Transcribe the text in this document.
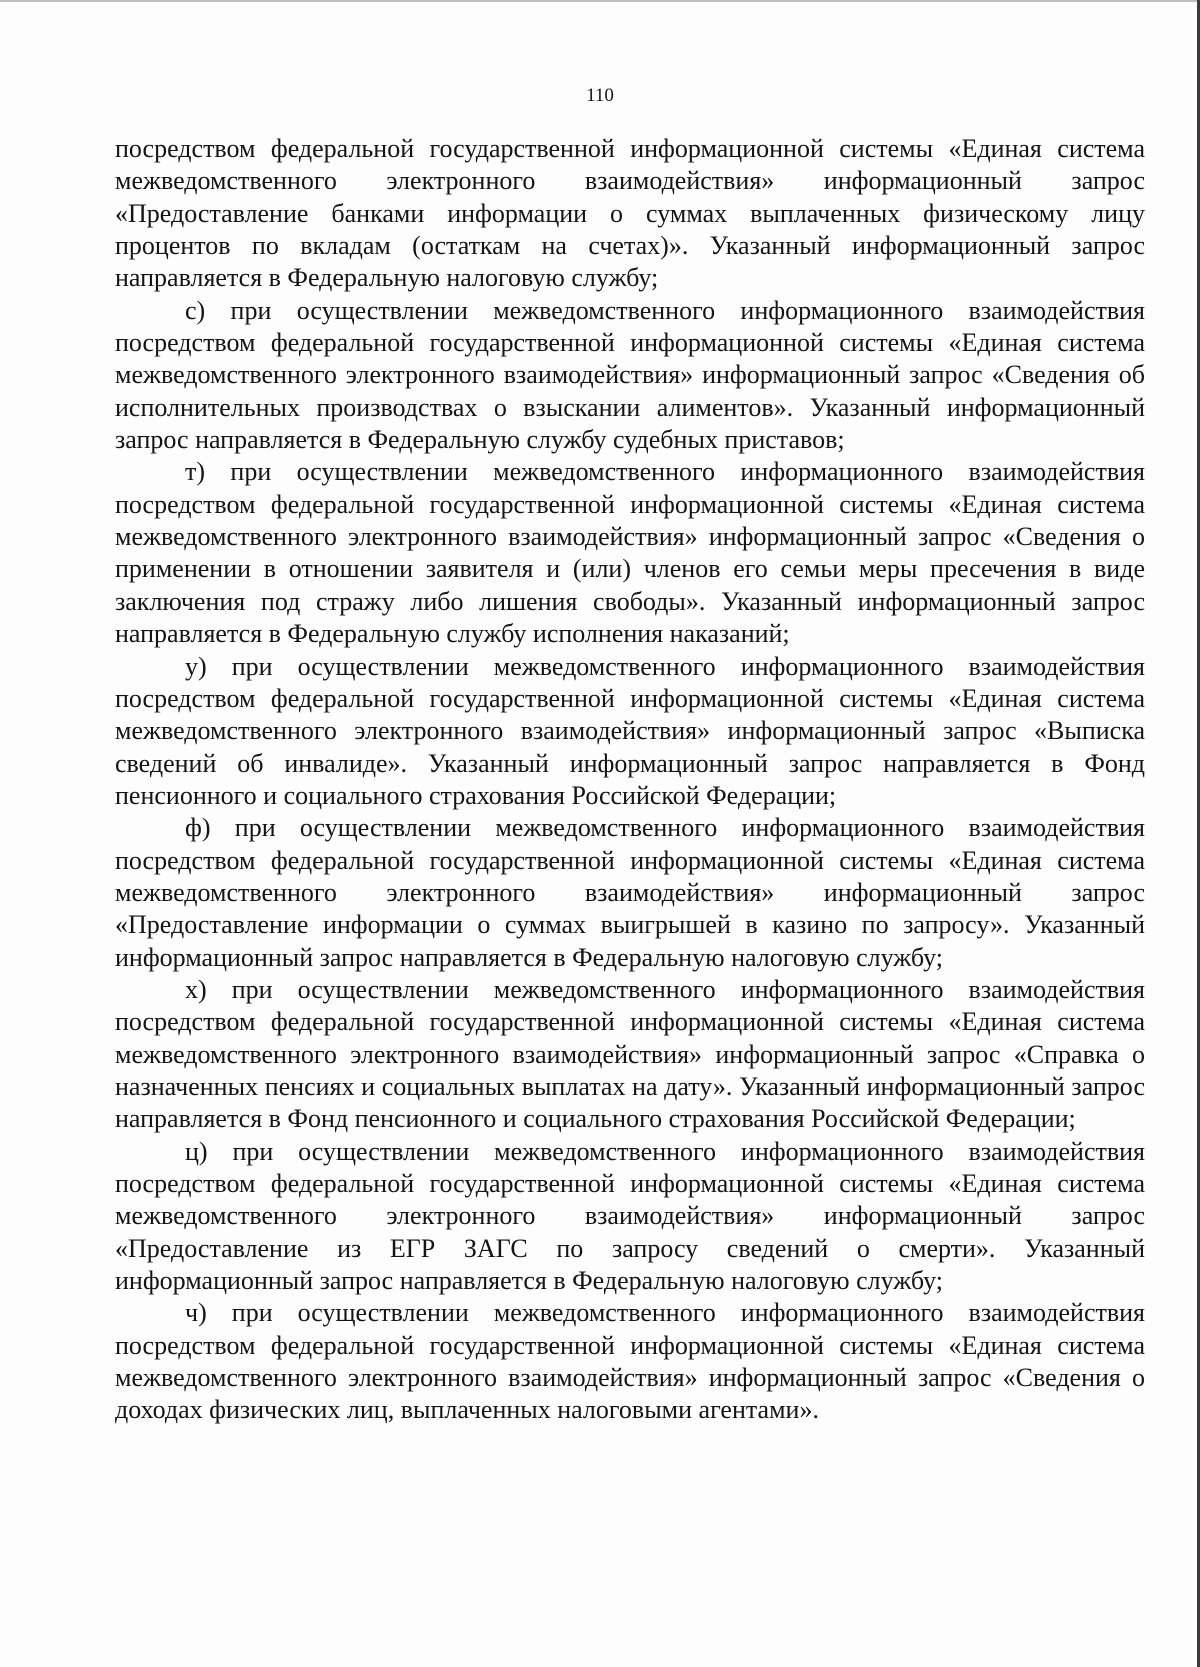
110

посредством федеральной государственной информационной системы «Единая система межведомственного электронного взаимодействия» информационный запрос «Предоставление банками информации о суммах выплаченных физическому лицу процентов по вкладам (остаткам на счетах)». Указанный информационный запрос направляется в Федеральную налоговую службу;

с) при осуществлении межведомственного информационного взаимодействия посредством федеральной государственной информационной системы «Единая система межведомственного электронного взаимодействия» информационный запрос «Сведения об исполнительных производствах о взыскании алиментов». Указанный информационный запрос направляется в Федеральную службу судебных приставов;

т) при осуществлении межведомственного информационного взаимодействия посредством федеральной государственной информационной системы «Единая система межведомственного электронного взаимодействия» информационный запрос «Сведения о применении в отношении заявителя и (или) членов его семьи меры пресечения в виде заключения под стражу либо лишения свободы». Указанный информационный запрос направляется в Федеральную службу исполнения наказаний;

у) при осуществлении межведомственного информационного взаимодействия посредством федеральной государственной информационной системы «Единая система межведомственного электронного взаимодействия» информационный запрос «Выписка сведений об инвалиде». Указанный информационный запрос направляется в Фонд пенсионного и социального страхования Российской Федерации;

ф) при осуществлении межведомственного информационного взаимодействия посредством федеральной государственной информационной системы «Единая система межведомственного электронного взаимодействия» информационный запрос «Предоставление информации о суммах выигрышей в казино по запросу». Указанный информационный запрос направляется в Федеральную налоговую службу;

х) при осуществлении межведомственного информационного взаимодействия посредством федеральной государственной информационной системы «Единая система межведомственного электронного взаимодействия» информационный запрос «Справка о назначенных пенсиях и социальных выплатах на дату». Указанный информационный запрос направляется в Фонд пенсионного и социального страхования Российской Федерации;

ц) при осуществлении межведомственного информационного взаимодействия посредством федеральной государственной информационной системы «Единая система межведомственного электронного взаимодействия» информационный запрос «Предоставление из ЕГР ЗАГС по запросу сведений о смерти». Указанный информационный запрос направляется в Федеральную налоговую службу;

ч) при осуществлении межведомственного информационного взаимодействия посредством федеральной государственной информационной системы «Единая система межведомственного электронного взаимодействия» информационный запрос «Сведения о доходах физических лиц, выплаченных налоговыми агентами».
